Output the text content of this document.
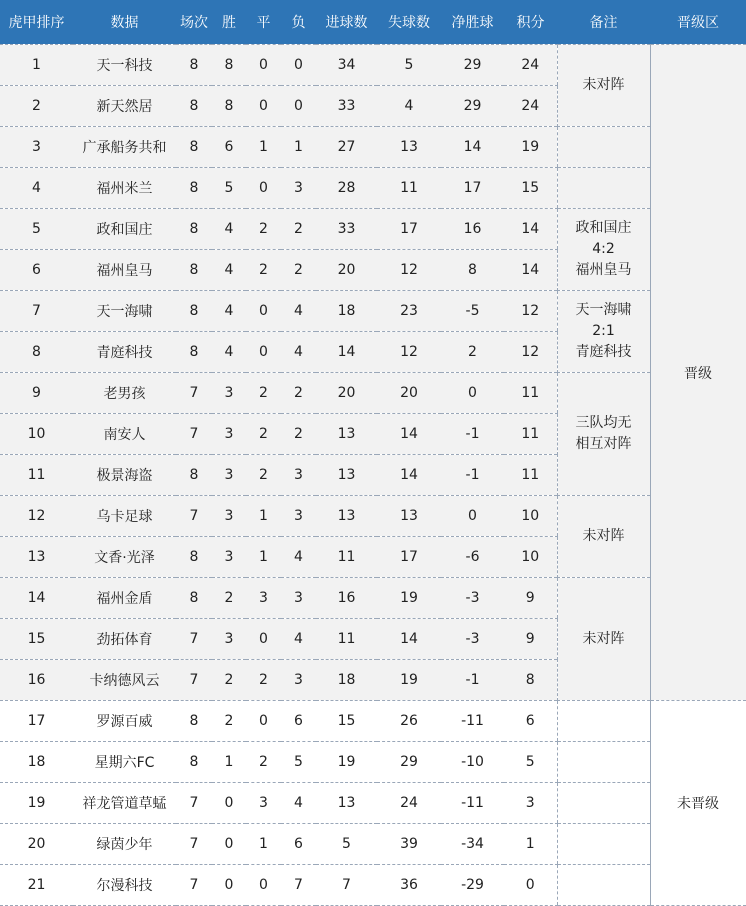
虎甲排序	数据	场次	胜	平	负	进球数	失球数	净胜球	积分	备注	晋级区
1	天一科技	8	8	0	0	34	5	29	24	未对阵	晋级
2	新天然居	8	8	0	0	33	4	29	24		
3	广承船务共和	8	6	1	1	27	13	14	19		
4	福州米兰	8	5	0	3	28	11	17	15		
5	政和国庄	8	4	2	2	33	17	16	14	政和国庄
4:2
福州皇马	

6	福州皇马	8	4	2	2	20	12	8	14		
7	天一海啸	8	4	0	4	18	23	-5	12	天一海啸
2:1
青庭科技	

8	青庭科技	8	4	0	4	14	12	2	12		
9	老男孩	7	3	2	2	20	20	0	11	三队均无
相互对阵	

10	南安人	7	3	2	2	13	14	-1	11		
11	极景海盗	8	3	2	3	13	14	-1	11		
12	乌卡足球	7	3	1	3	13	13	0	10	未对阵	

13	文香·光泽	8	3	1	4	11	17	-6	10		
14	福州金盾	8	2	3	3	16	19	-3	9	未对阵	

15	劲拓体育	7	3	0	4	11	14	-3	9		
16	卡纳德风云	7	2	2	3	18	19	-1	8		
17	罗源百威	8	2	0	6	15	26	-11	6		未晋级
18	星期六FC	8	1	2	5	19	29	-10	5		
19	祥龙管道草蜢	7	0	3	4	13	24	-11	3		
20	绿茵少年	7	0	1	6	5	39	-34	1		
21	尔漫科技	7	0	0	7	7	36	-29	0		
